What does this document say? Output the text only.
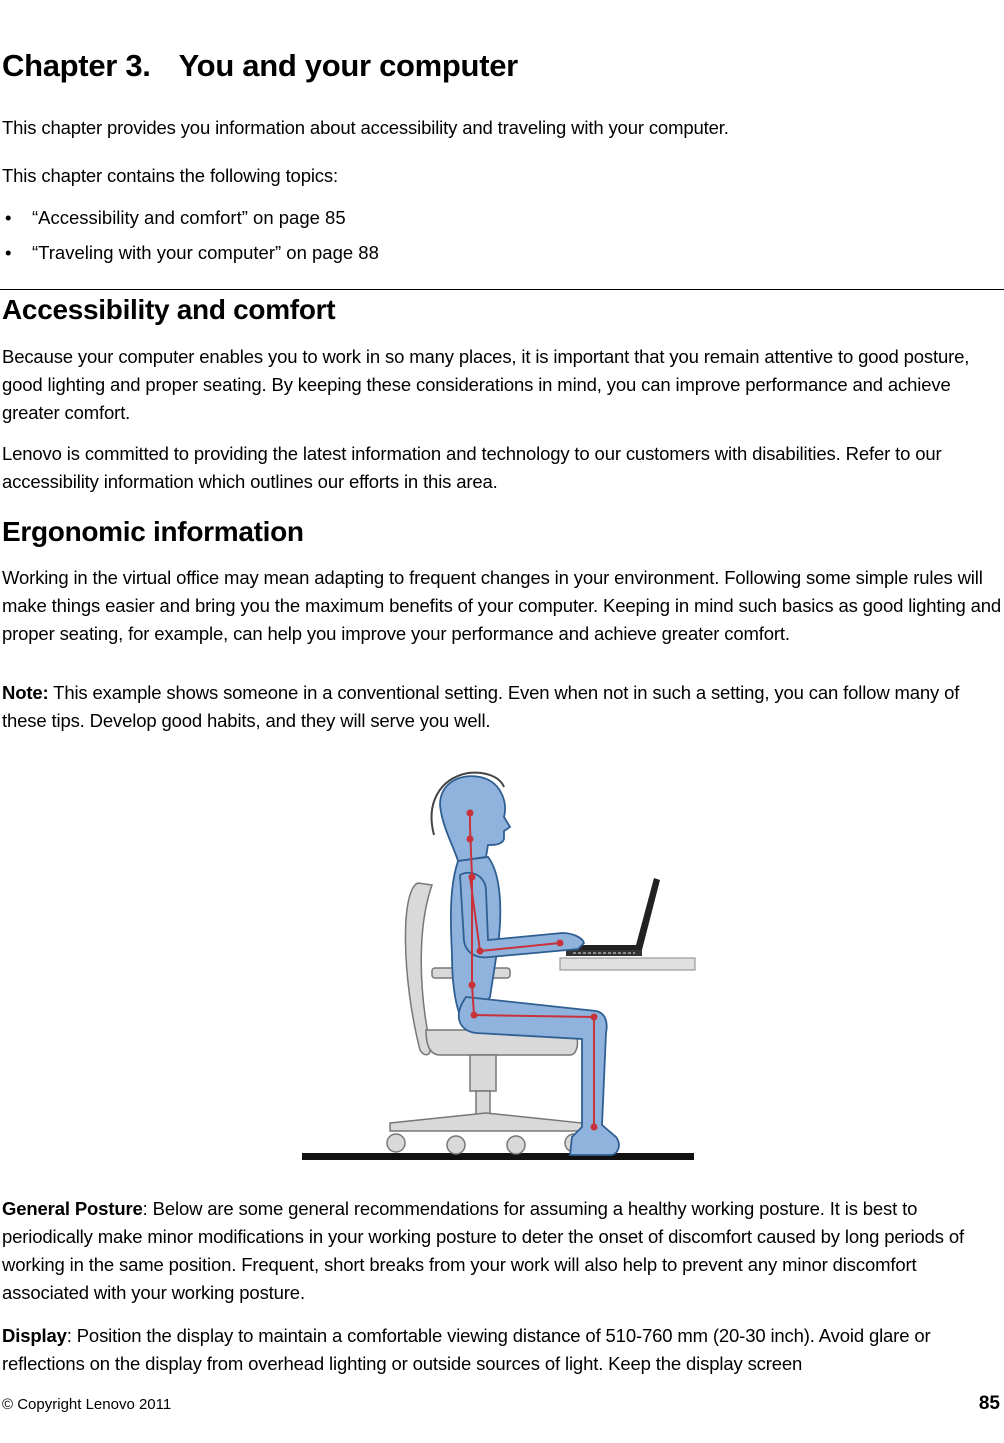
Chapter 3. You and your computer

This chapter provides you information about accessibility and traveling with your computer.

This chapter contains the following topics:

• “Accessibility and comfort” on page 85
• “Traveling with your computer” on page 88
Accessibility and comfort

Because your computer enables you to work in so many places, it is important that you remain attentive to good posture, good lighting and proper seating. By keeping these considerations in mind, you can improve performance and achieve greater comfort.

Lenovo is committed to providing the latest information and technology to our customers with disabilities. Refer to our accessibility information which outlines our efforts in this area.

Ergonomic information

Working in the virtual office may mean adapting to frequent changes in your environment. Following some simple rules will make things easier and bring you the maximum benefits of your computer. Keeping in mind such basics as good lighting and proper seating, for example, can help you improve your performance and achieve greater comfort.

Note: This example shows someone in a conventional setting. Even when not in such a setting, you can follow many of these tips. Develop good habits, and they will serve you well.

General Posture: Below are some general recommendations for assuming a healthy working posture. It is best to periodically make minor modifications in your working posture to deter the onset of discomfort caused by long periods of working in the same position. Frequent, short breaks from your work will also help to prevent any minor discomfort associated with your working posture.

Display: Position the display to maintain a comfortable viewing distance of 510-760 mm (20-30 inch). Avoid glare or reflections on the display from overhead lighting or outside sources of light. Keep the display screen

© Copyright Lenovo 2011	85
